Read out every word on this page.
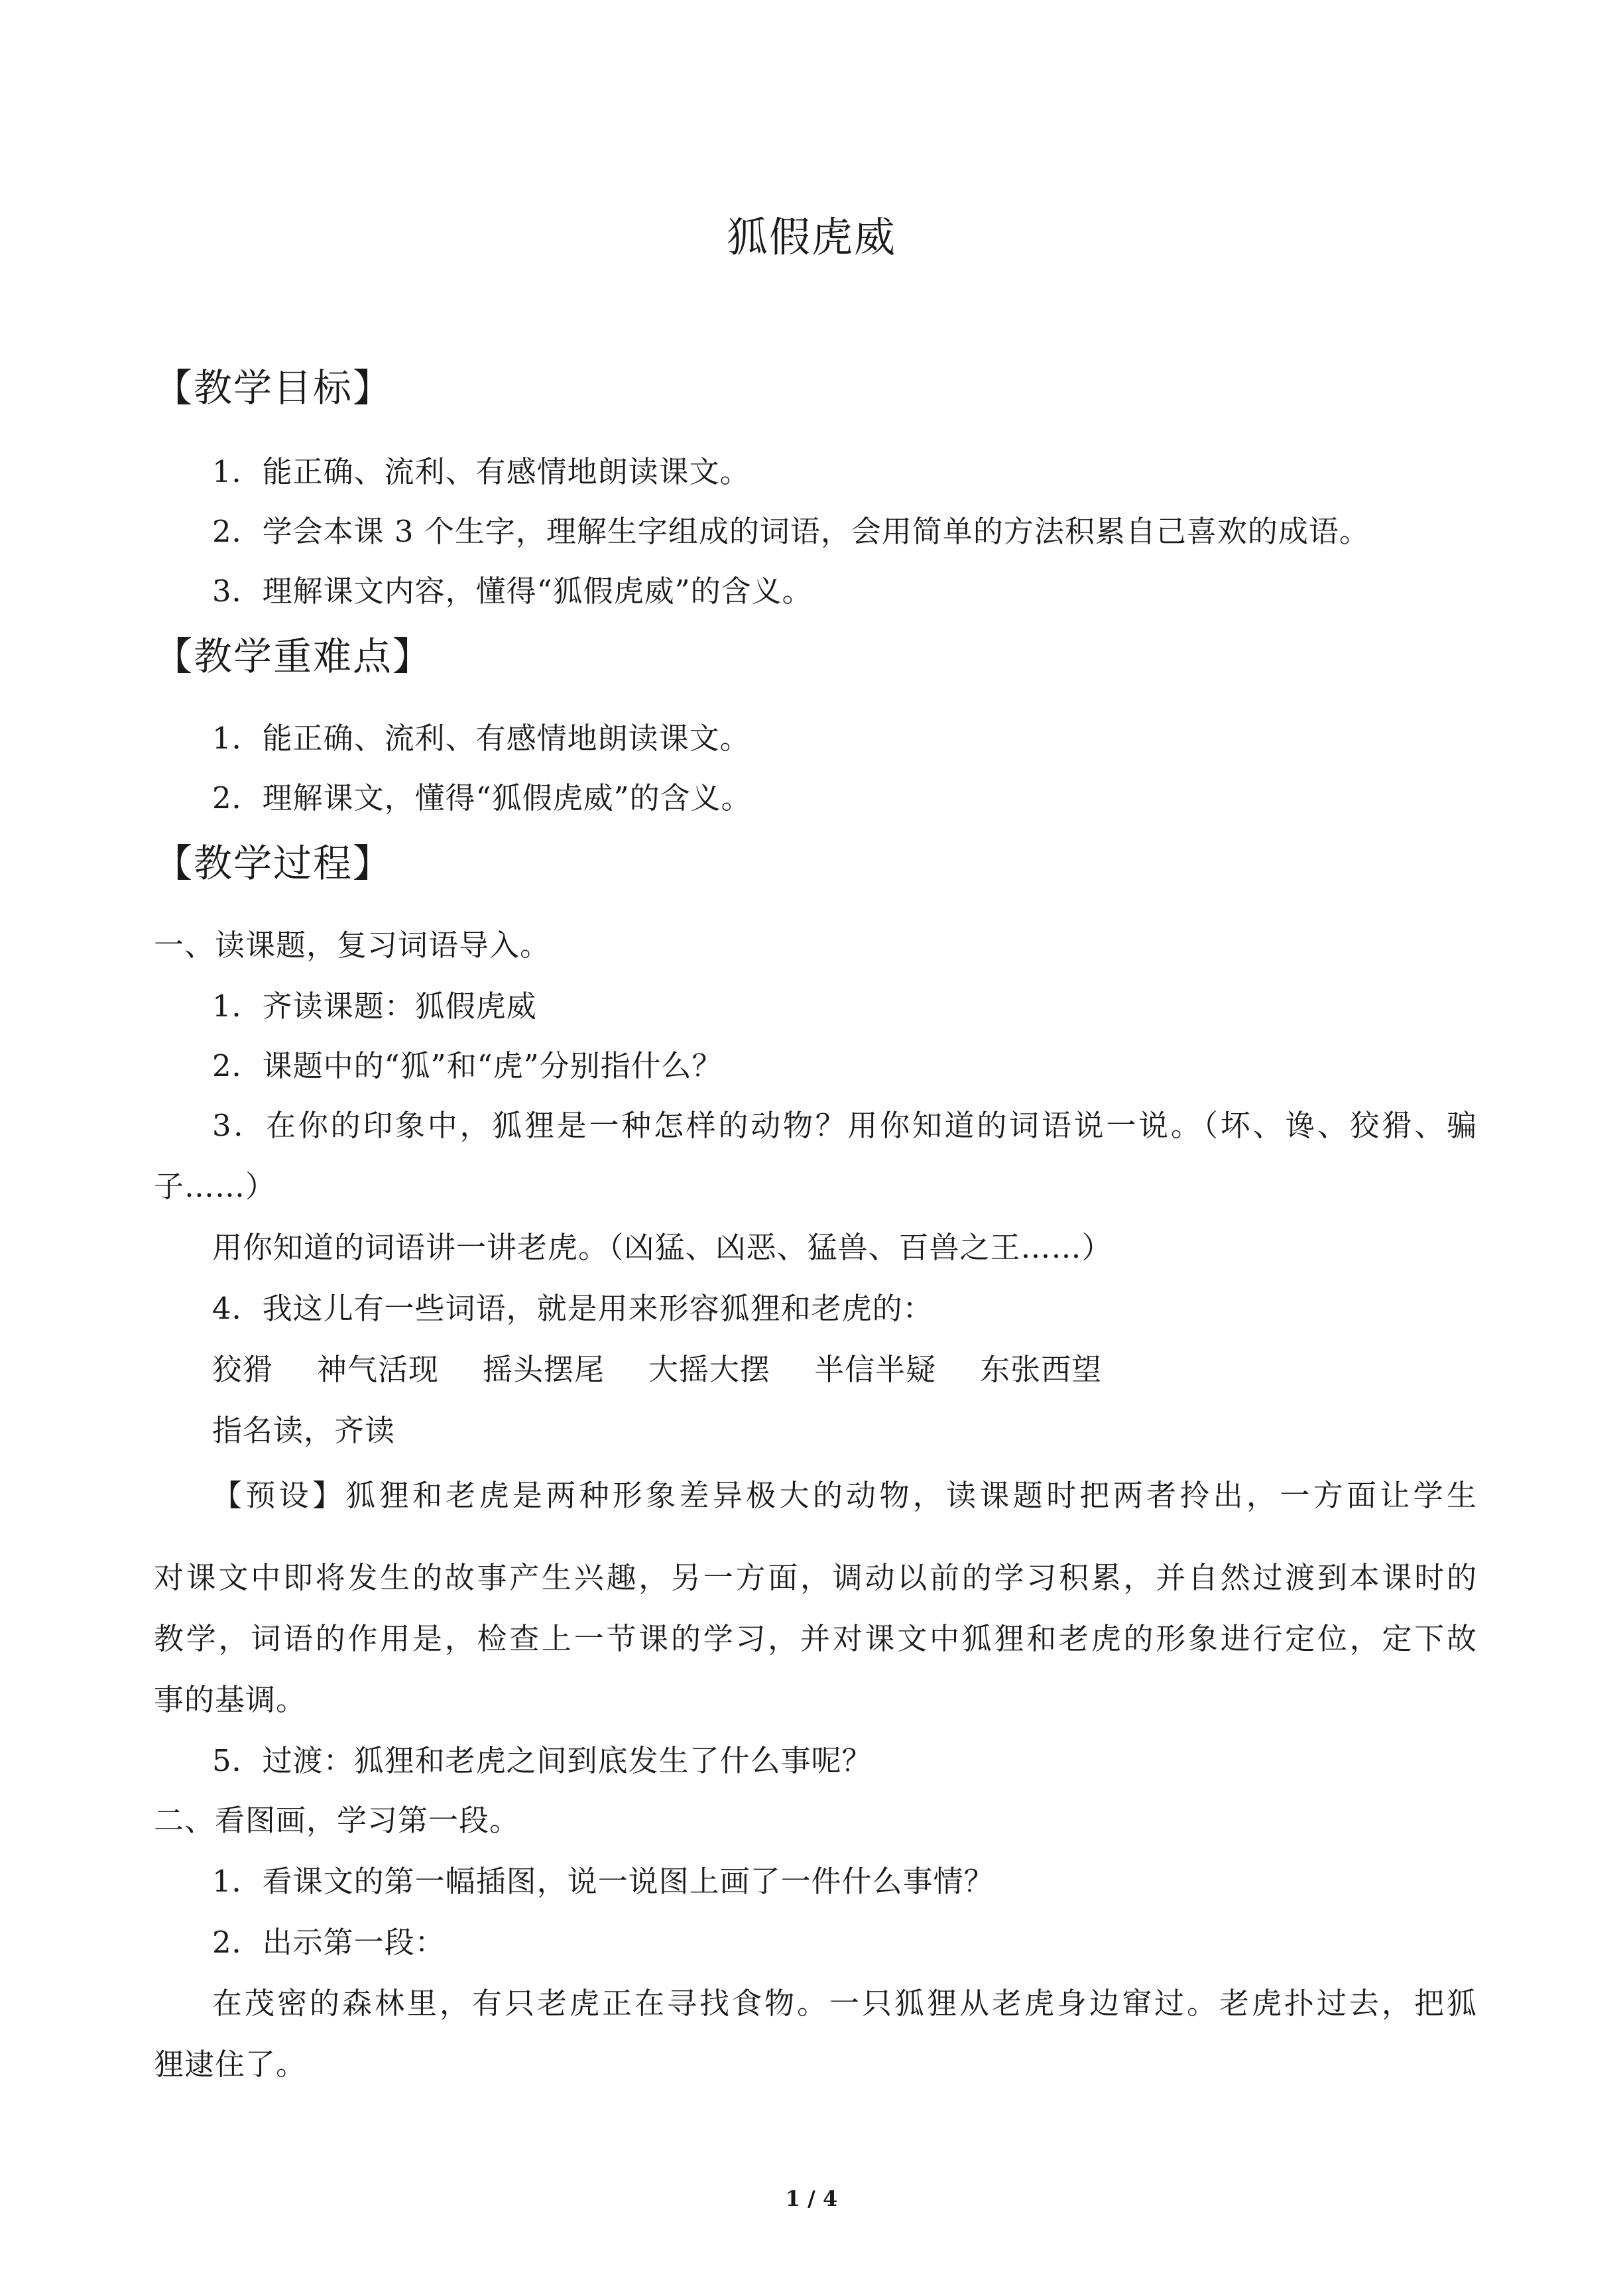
狐假虎威
【教学目标】
1．能正确、流利、有感情地朗读课文。
2．学会本课 3 个生字，理解生字组成的词语，会用简单的方法积累自己喜欢的成语。
3．理解课文内容，懂得“狐假虎威”的含义。
【教学重难点】
1．能正确、流利、有感情地朗读课文。
2．理解课文，懂得“狐假虎威”的含义。
【教学过程】
一、读课题，复习词语导入。
1．齐读课题：狐假虎威
2．课题中的“狐”和“虎”分别指什么？
3．在你的印象中，狐狸是一种怎样的动物？用你知道的词语说一说。（坏、谗、狡猾、骗
子……）
用你知道的词语讲一讲老虎。（凶猛、凶恶、猛兽、百兽之王……）
4．我这儿有一些词语，就是用来形容狐狸和老虎的：
狡猾 神气活现 摇头摆尾 大摇大摆 半信半疑 东张西望
指名读，齐读
【预设】狐狸和老虎是两种形象差异极大的动物，读课题时把两者拎出，一方面让学生
对课文中即将发生的故事产生兴趣，另一方面，调动以前的学习积累，并自然过渡到本课时的
教学，词语的作用是，检查上一节课的学习，并对课文中狐狸和老虎的形象进行定位，定下故
事的基调。
5．过渡：狐狸和老虎之间到底发生了什么事呢？
二、看图画，学习第一段。
1．看课文的第一幅插图，说一说图上画了一件什么事情？
2．出示第一段：
在茂密的森林里，有只老虎正在寻找食物。一只狐狸从老虎身边窜过。老虎扑过去，把狐
狸逮住了。
1 / 4
